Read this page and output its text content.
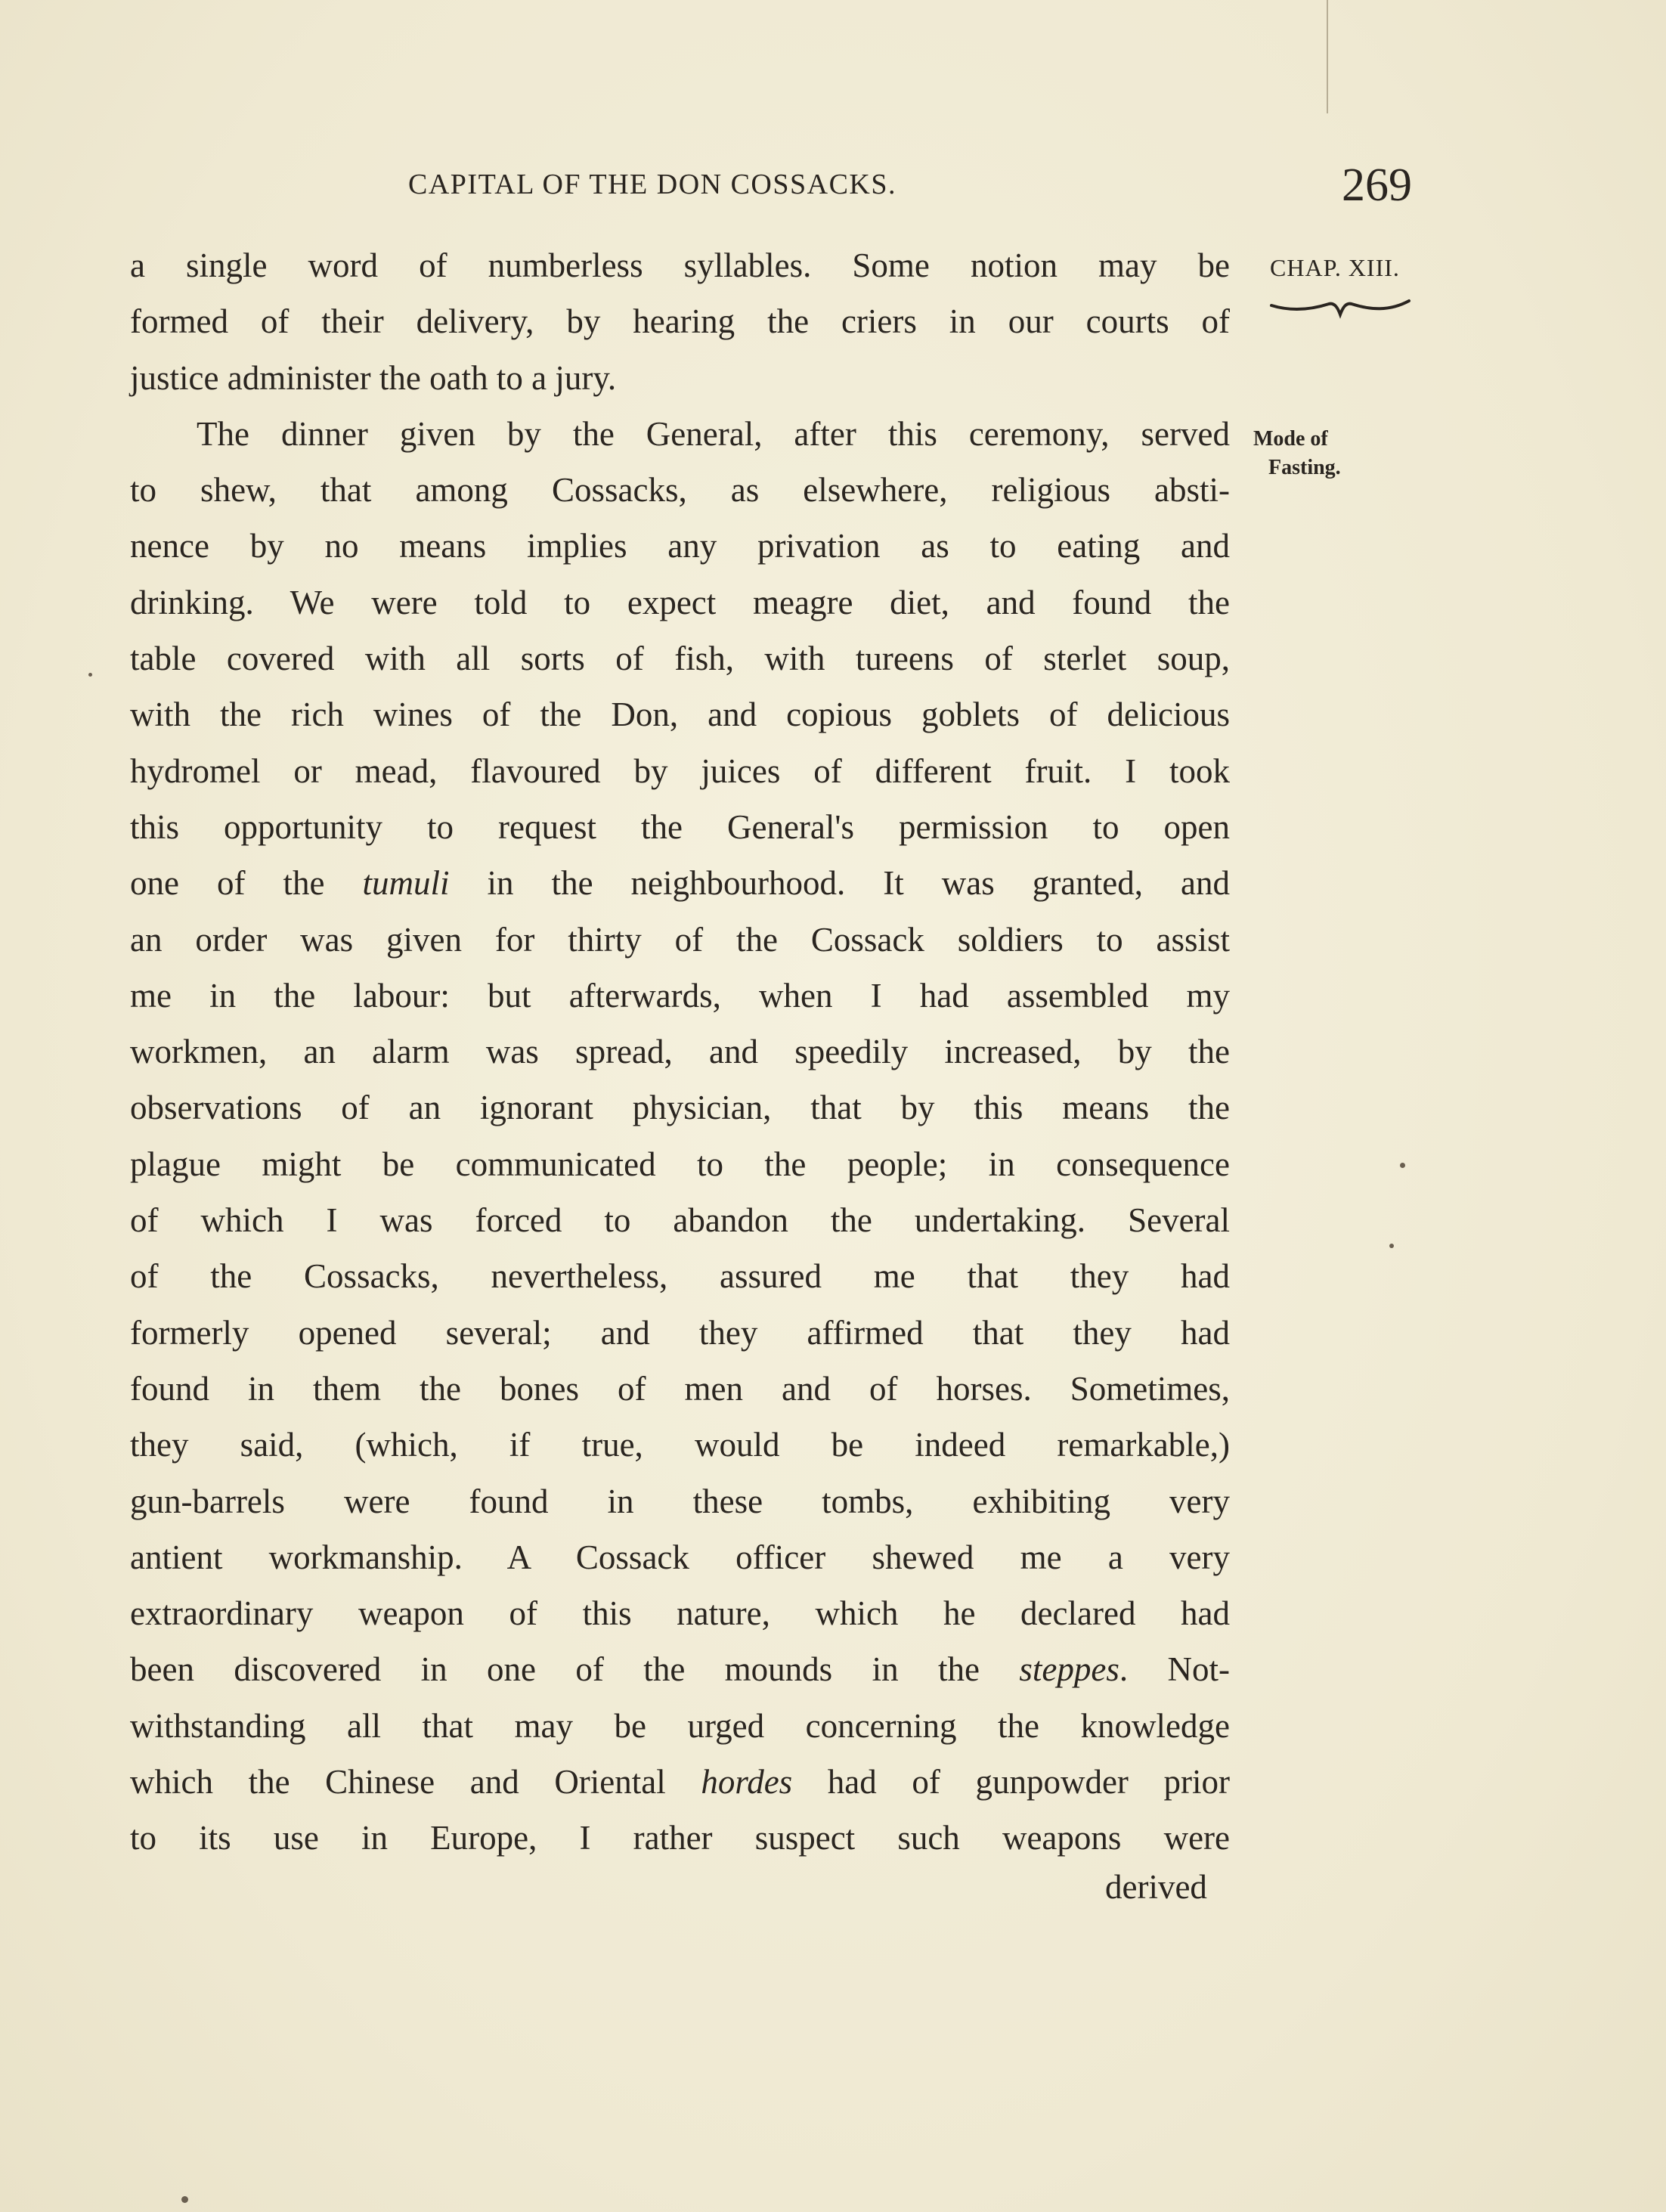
CAPITAL OF THE DON COSSACKS.	269
CHAP. XIII.
Mode of
Fasting.
a single word of numberless syllables. Some notion may be
formed of their delivery, by hearing the criers in our courts of
justice administer the oath to a jury.
The dinner given by the General, after this ceremony, served
to shew, that among Cossacks, as elsewhere, religious absti-
nence by no means implies any privation as to eating and
drinking. We were told to expect meagre diet, and found the
table covered with all sorts of fish, with tureens of sterlet soup,
with the rich wines of the Don, and copious goblets of delicious
hydromel or mead, flavoured by juices of different fruit. I took
this opportunity to request the General's permission to open
one of the tumuli in the neighbourhood. It was granted, and
an order was given for thirty of the Cossack soldiers to assist
me in the labour: but afterwards, when I had assembled my
workmen, an alarm was spread, and speedily increased, by the
observations of an ignorant physician, that by this means the
plague might be communicated to the people; in consequence
of which I was forced to abandon the undertaking. Several
of the Cossacks, nevertheless, assured me that they had
formerly opened several; and they affirmed that they had
found in them the bones of men and of horses. Sometimes,
they said, (which, if true, would be indeed remarkable,)
gun-barrels were found in these tombs, exhibiting very
antient workmanship. A Cossack officer shewed me a very
extraordinary weapon of this nature, which he declared had
been discovered in one of the mounds in the steppes. Not-
withstanding all that may be urged concerning the knowledge
which the Chinese and Oriental hordes had of gunpowder prior
to its use in Europe, I rather suspect such weapons were
derived
